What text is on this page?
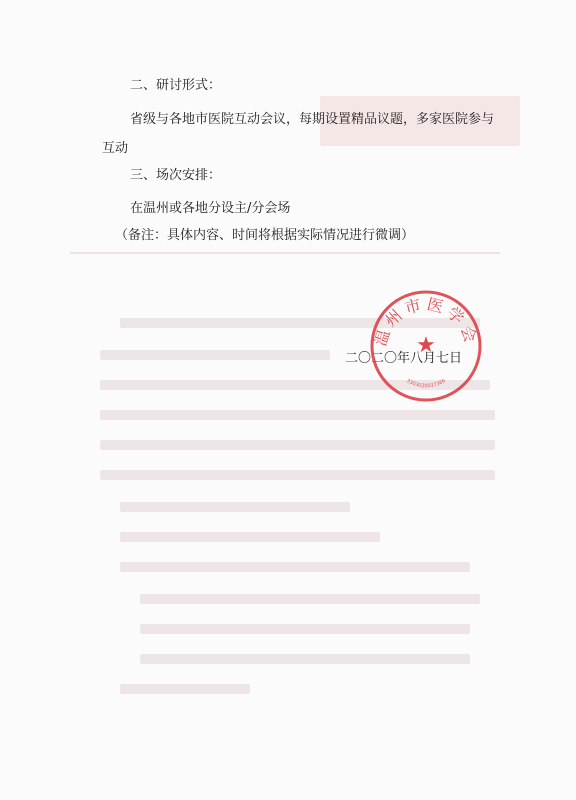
二、研讨形式：
省级与各地市医院互动会议，每期设置精品议题，多家医院参与
互动
三、场次安排：
在温州或各地分设主/分会场
（备注：具体内容、时间将根据实际情况进行微调）
二〇二〇年八月七日
温州市医学会
★
3303020037366
